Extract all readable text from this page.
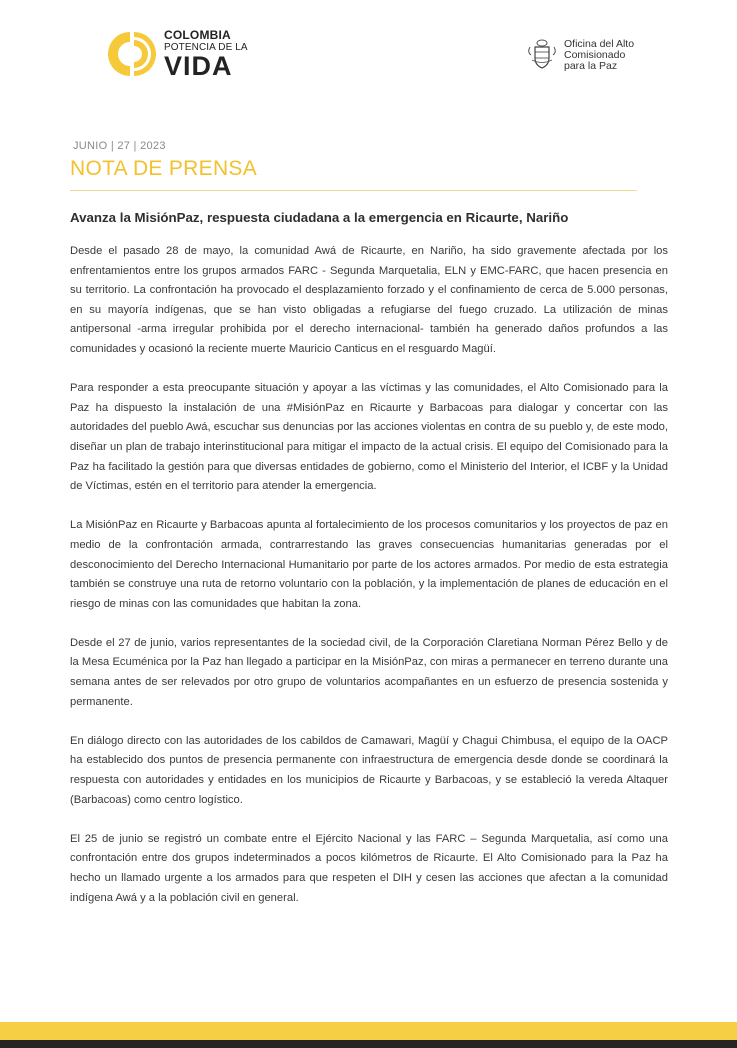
COLOMBIA
POTENCIA DE LA
VIDA
Oficina del Alto
Comisionado
para la Paz
JUNIO | 27 | 2023
NOTA DE PRENSA
Avanza la MisiónPaz, respuesta ciudadana a la emergencia en Ricaurte, Nariño

Desde el pasado 28 de mayo, la comunidad Awá de Ricaurte, en Nariño, ha sido gravemente afectada por los enfrentamientos entre los grupos armados FARC - Segunda Marquetalia, ELN y EMC-FARC, que hacen presencia en su territorio. La confrontación ha provocado el desplazamiento forzado y el confinamiento de cerca de 5.000 personas, en su mayoría indígenas, que se han visto obligadas a refugiarse del fuego cruzado. La utilización de minas antipersonal -arma irregular prohibida por el derecho internacional- también ha generado daños profundos a las comunidades y ocasionó la reciente muerte Mauricio Canticus en el resguardo Magüí.

Para responder a esta preocupante situación y apoyar a las víctimas y las comunidades, el Alto Comisionado para la Paz ha dispuesto la instalación de una #MisiónPaz en Ricaurte y Barbacoas para dialogar y concertar con las autoridades del pueblo Awá, escuchar sus denuncias por las acciones violentas en contra de su pueblo y, de este modo, diseñar un plan de trabajo interinstitucional para mitigar el impacto de la actual crisis. El equipo del Comisionado para la Paz ha facilitado la gestión para que diversas entidades de gobierno, como el Ministerio del Interior, el ICBF y la Unidad de Víctimas, estén en el territorio para atender la emergencia.

La MisiónPaz en Ricaurte y Barbacoas apunta al fortalecimiento de los procesos comunitarios y los proyectos de paz en medio de la confrontación armada, contrarrestando las graves consecuencias humanitarias generadas por el desconocimiento del Derecho Internacional Humanitario por parte de los actores armados. Por medio de esta estrategia también se construye una ruta de retorno voluntario con la población, y la implementación de planes de educación en el riesgo de minas con las comunidades que habitan la zona.

Desde el 27 de junio, varios representantes de la sociedad civil, de la Corporación Claretiana Norman Pérez Bello y de la Mesa Ecuménica por la Paz han llegado a participar en la MisiónPaz, con miras a permanecer en terreno durante una semana antes de ser relevados por otro grupo de voluntarios acompañantes en un esfuerzo de presencia sostenida y permanente.

En diálogo directo con las autoridades de los cabildos de Camawari, Magüí y Chagui Chimbusa, el equipo de la OACP ha establecido dos puntos de presencia permanente con infraestructura de emergencia desde donde se coordinará la respuesta con autoridades y entidades en los municipios de Ricaurte y Barbacoas, y se estableció la vereda Altaquer (Barbacoas) como centro logístico.

El 25 de junio se registró un combate entre el Ejército Nacional y las FARC – Segunda Marquetalia, así como una confrontación entre dos grupos indeterminados a pocos kilómetros de Ricaurte. El Alto Comisionado para la Paz ha hecho un llamado urgente a los armados para que respeten el DIH y cesen las acciones que afectan a la comunidad indígena Awá y a la población civil en general.
